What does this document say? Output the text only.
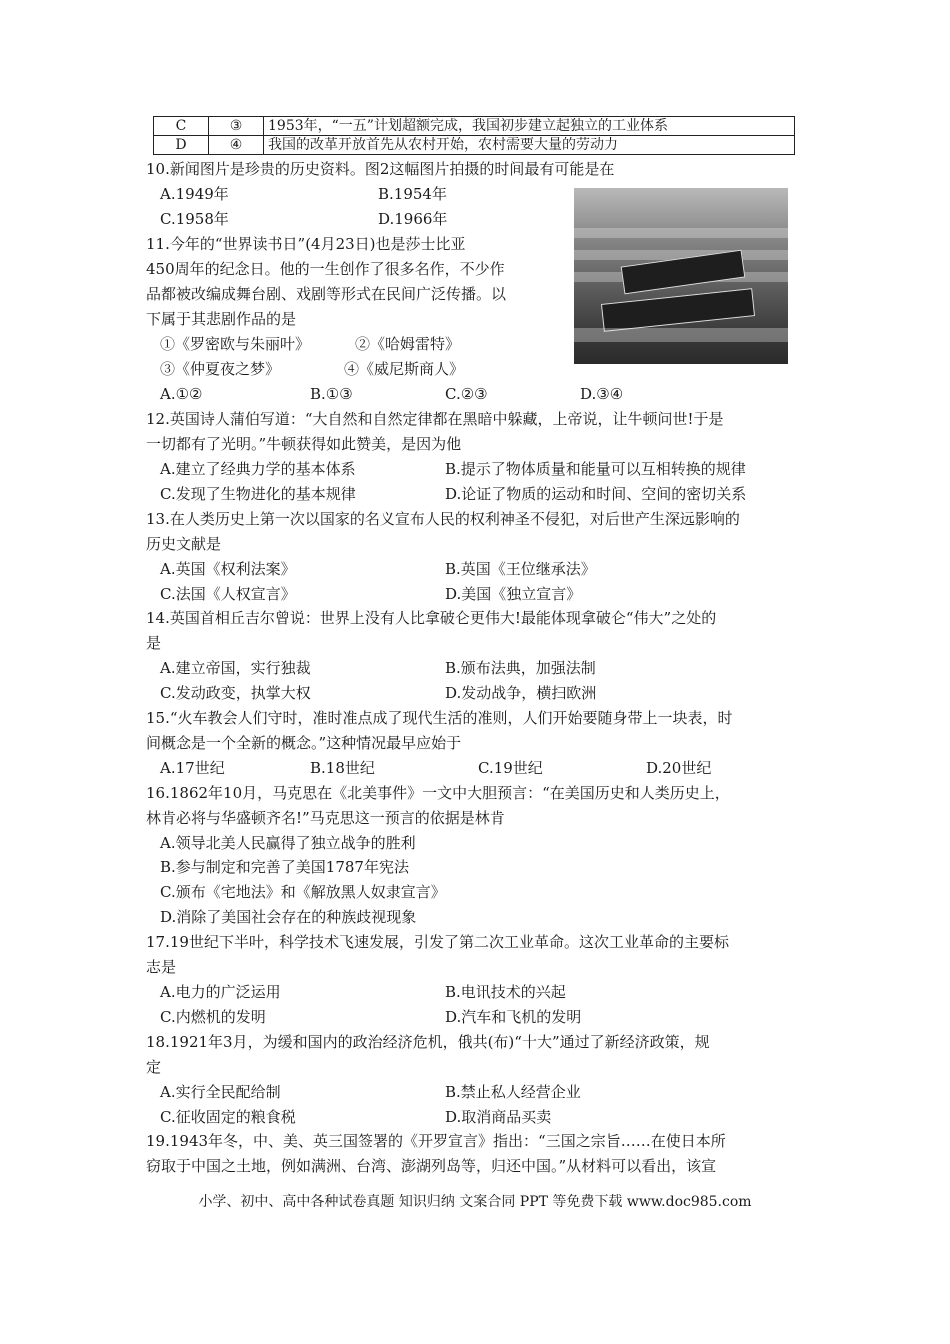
C	③	1953年，“一五”计划超额完成，我国初步建立起独立的工业体系
D	④	我国的改革开放首先从农村开始，农村需要大量的劳动力
10.新闻图片是珍贵的历史资料。图2这幅图片拍摄的时间最有可能是在
A.1949年	B.1954年
C.1958年	D.1966年
11.今年的“世界读书日”(4月23日)也是莎士比亚
450周年的纪念日。他的一生创作了很多名作，不少作
品都被改编成舞台剧、戏剧等形式在民间广泛传播。以
下属于其悲剧作品的是
①《罗密欧与朱丽叶》	②《哈姆雷特》
③《仲夏夜之梦》	④《威尼斯商人》
A.①②	B.①③	C.②③	D.③④
12.英国诗人蒲伯写道：“大自然和自然定律都在黑暗中躲藏，上帝说，让牛顿问世!于是
一切都有了光明。”牛顿获得如此赞美，是因为他
A.建立了经典力学的基本体系	B.提示了物体质量和能量可以互相转换的规律
C.发现了生物进化的基本规律	D.论证了物质的运动和时间、空间的密切关系
13.在人类历史上第一次以国家的名义宣布人民的权利神圣不侵犯，对后世产生深远影响的
历史文献是
A.英国《权利法案》	B.英国《王位继承法》
C.法国《人权宣言》	D.美国《独立宣言》
14.英国首相丘吉尔曾说：世界上没有人比拿破仑更伟大!最能体现拿破仑“伟大”之处的
是
A.建立帝国，实行独裁	B.颁布法典，加强法制
C.发动政变，执掌大权	D.发动战争，横扫欧洲
15.“火车教会人们守时，准时准点成了现代生活的准则，人们开始要随身带上一块表，时
间概念是一个全新的概念。”这种情况最早应始于
A.17世纪	B.18世纪	C.19世纪	D.20世纪
16.1862年10月，马克思在《北美事件》一文中大胆预言：“在美国历史和人类历史上，
林肯必将与华盛顿齐名!”马克思这一预言的依据是林肯
A.领导北美人民赢得了独立战争的胜利
B.参与制定和完善了美国1787年宪法
C.颁布《宅地法》和《解放黑人奴隶宣言》
D.消除了美国社会存在的种族歧视现象
17.19世纪下半叶，科学技术飞速发展，引发了第二次工业革命。这次工业革命的主要标
志是
A.电力的广泛运用	B.电讯技术的兴起
C.内燃机的发明	D.汽车和飞机的发明
18.1921年3月，为缓和国内的政治经济危机，俄共(布)“十大”通过了新经济政策，规
定
A.实行全民配给制	B.禁止私人经营企业
C.征收固定的粮食税	D.取消商品买卖
19.1943年冬，中、美、英三国签署的《开罗宣言》指出：“三国之宗旨……在使日本所
窃取于中国之土地，例如满洲、台湾、澎湖列岛等，归还中国。”从材料可以看出，该宣
小学、初中、高中各种试卷真题 知识归纳 文案合同 PPT 等免费下载 www.doc985.com
